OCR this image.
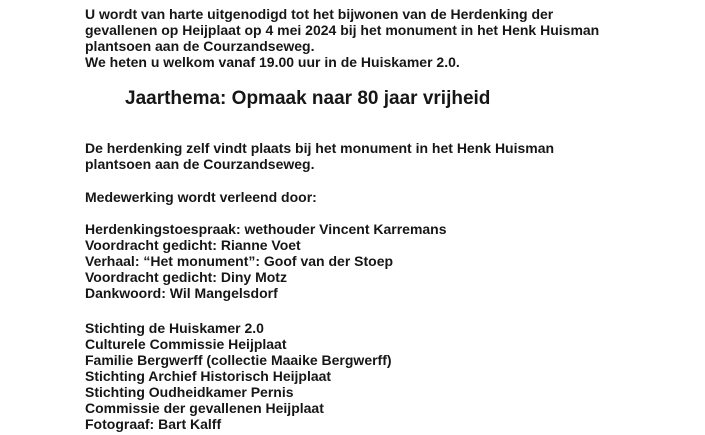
U wordt van harte uitgenodigd tot het bijwonen van de Herdenking der
gevallenen op Heijplaat op 4 mei 2024 bij het monument in het Henk Huisman
plantsoen aan de Courzandseweg.
We heten u welkom vanaf 19.00 uur in de Huiskamer 2.0.
Jaarthema: Opmaak naar 80 jaar vrijheid
De herdenking zelf vindt plaats bij het monument in het Henk Huisman
plantsoen aan de Courzandseweg.
Medewerking wordt verleend door:
Herdenkingstoespraak: wethouder Vincent Karremans
Voordracht gedicht: Rianne Voet
Verhaal: “Het monument”: Goof van der Stoep
Voordracht gedicht: Diny Motz
Dankwoord: Wil Mangelsdorf
Stichting de Huiskamer 2.0
Culturele Commissie Heijplaat
Familie Bergwerff (collectie Maaike Bergwerff)
Stichting Archief Historisch Heijplaat
Stichting Oudheidkamer Pernis
Commissie der gevallenen Heijplaat
Fotograaf: Bart Kalff
